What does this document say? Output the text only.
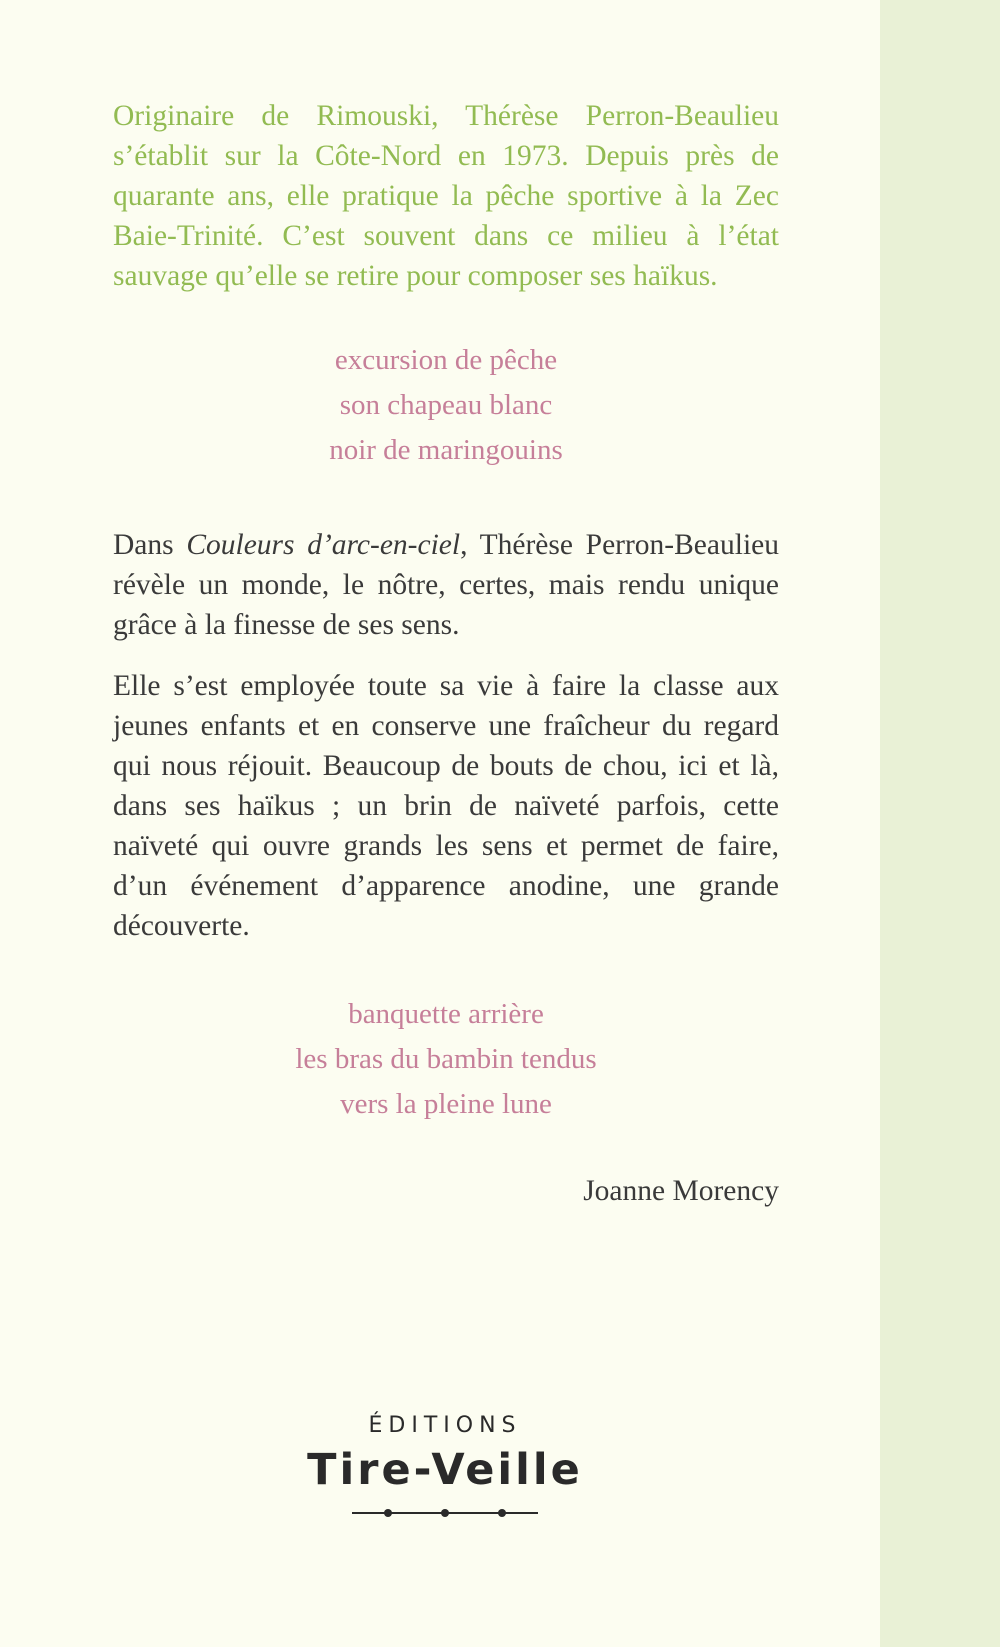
Originaire de Rimouski, Thérèse Perron-Beaulieu s’établit sur la Côte-Nord en 1973. Depuis près de quarante ans, elle pratique la pêche sportive à la Zec Baie-Trinité. C’est souvent dans ce milieu à l’état sauvage qu’elle se retire pour composer ses haïkus.

excursion de pêche
son chapeau blanc
noir de maringouins

Dans Couleurs d’arc-en-ciel, Thérèse Perron-Beaulieu révèle un monde, le nôtre, certes, mais rendu unique grâce à la finesse de ses sens.

Elle s’est employée toute sa vie à faire la classe aux jeunes enfants et en conserve une fraîcheur du regard qui nous réjouit. Beaucoup de bouts de chou, ici et là, dans ses haïkus ; un brin de naïveté parfois, cette naïveté qui ouvre grands les sens et permet de faire, d’un événement d’apparence anodine, une grande découverte.

banquette arrière
les bras du bambin tendus
vers la pleine lune
Joanne Morency
ÉDITIONS
Tire-Veille
